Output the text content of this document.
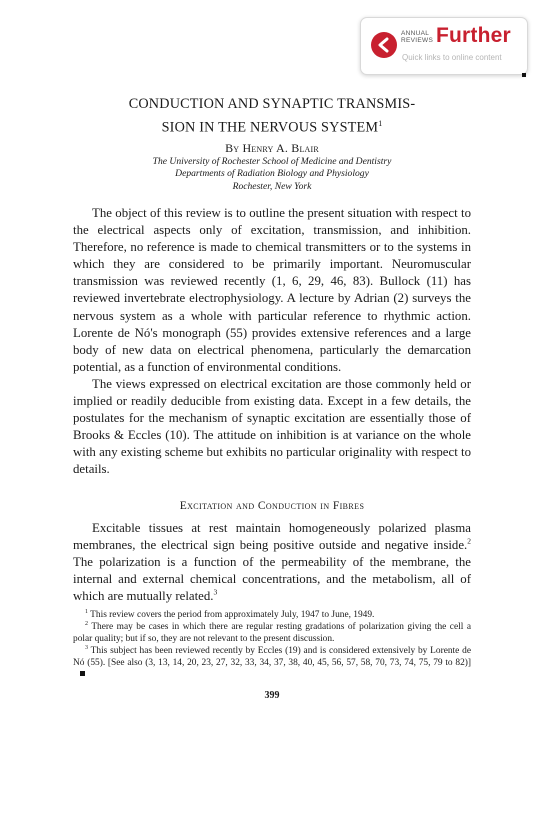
ANNUAL
REVIEWS Further
Quick links to online content
CONDUCTION AND SYNAPTIC TRANSMIS-
SION IN THE NERVOUS SYSTEM$^1$
By Henry A. Blair
The University of Rochester School of Medicine and Dentistry
Departments of Radiation Biology and Physiology
Rochester, New York

The object of this review is to outline the present situation with respect to the electrical aspects only of excitation, transmission, and inhibition. Therefore, no reference is made to chemical transmitters or to the systems in which they are considered to be primarily important. Neuromuscular transmission was reviewed recently (1, 6, 29, 46, 83). Bullock (11) has reviewed invertebrate electrophysiology. A lecture by Adrian (2) surveys the nervous system as a whole with particular reference to rhythmic action. Lorente de Nó's monograph (55) provides extensive references and a large body of new data on electrical phenomena, particularly the demarcation potential, as a function of environmental conditions.

The views expressed on electrical excitation are those commonly held or implied or readily deducible from existing data. Except in a few details, the postulates for the mechanism of synaptic excitation are essentially those of Brooks & Eccles (10). The attitude on inhibition is at variance on the whole with any existing scheme but exhibits no particular originality with respect to details.

Excitation and Conduction in Fibres

Excitable tissues at rest maintain homogeneously polarized plasma membranes, the electrical sign being positive outside and negative inside.$^2$ The polarization is a function of the permeability of the membrane, the internal and external chemical concentrations, and the metabolism, all of which are mutually related.$^3$

$^1$ This review covers the period from approximately July, 1947 to June, 1949.

$^2$ There may be cases in which there are regular resting gradations of polarization giving the cell a polar quality; but if so, they are not relevant to the present discussion.

$^3$ This subject has been reviewed recently by Eccles (19) and is considered extensively by Lorente de Nó (55). [See also (3, 13, 14, 20, 23, 27, 32, 33, 34, 37, 38, 40, 45, 56, 57, 58, 70, 73, 74, 75, 79 to 82)]

399
